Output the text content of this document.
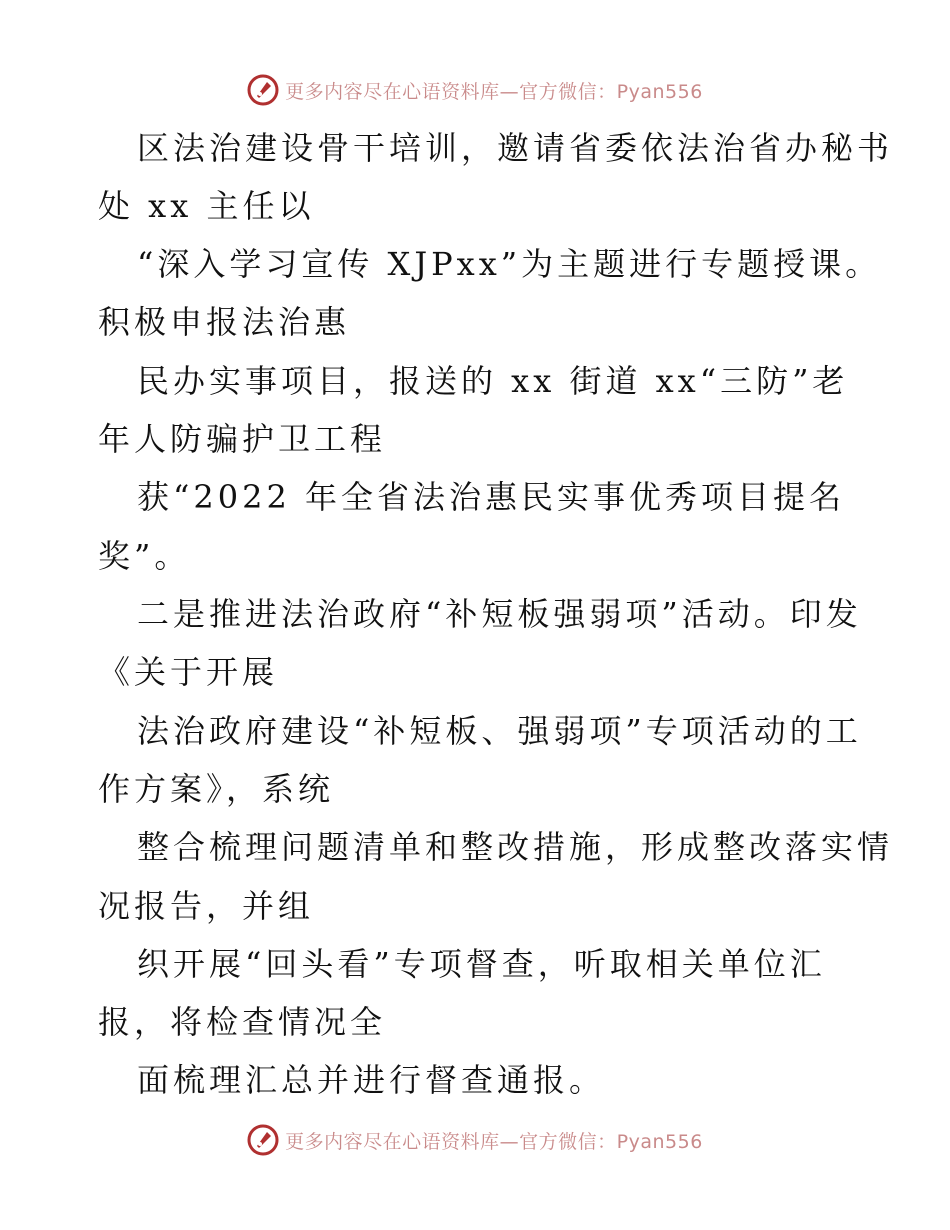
更多内容尽在心语资料库—官方微信：Pyan556
区法治建设骨干培训，邀请省委依法治省办秘书
处 xx 主任以
“深入学习宣传 XJPxx”为主题进行专题授课。
积极申报法治惠
民办实事项目，报送的 xx 街道 xx“三防”老
年人防骗护卫工程
获“2022 年全省法治惠民实事优秀项目提名
奖”。
二是推进法治政府“补短板强弱项”活动。印发
《关于开展
法治政府建设“补短板、强弱项”专项活动的工
作方案》，系统
整合梳理问题清单和整改措施，形成整改落实情
况报告，并组
织开展“回头看”专项督查，听取相关单位汇
报，将检查情况全
面梳理汇总并进行督查通报。
更多内容尽在心语资料库—官方微信：Pyan556
